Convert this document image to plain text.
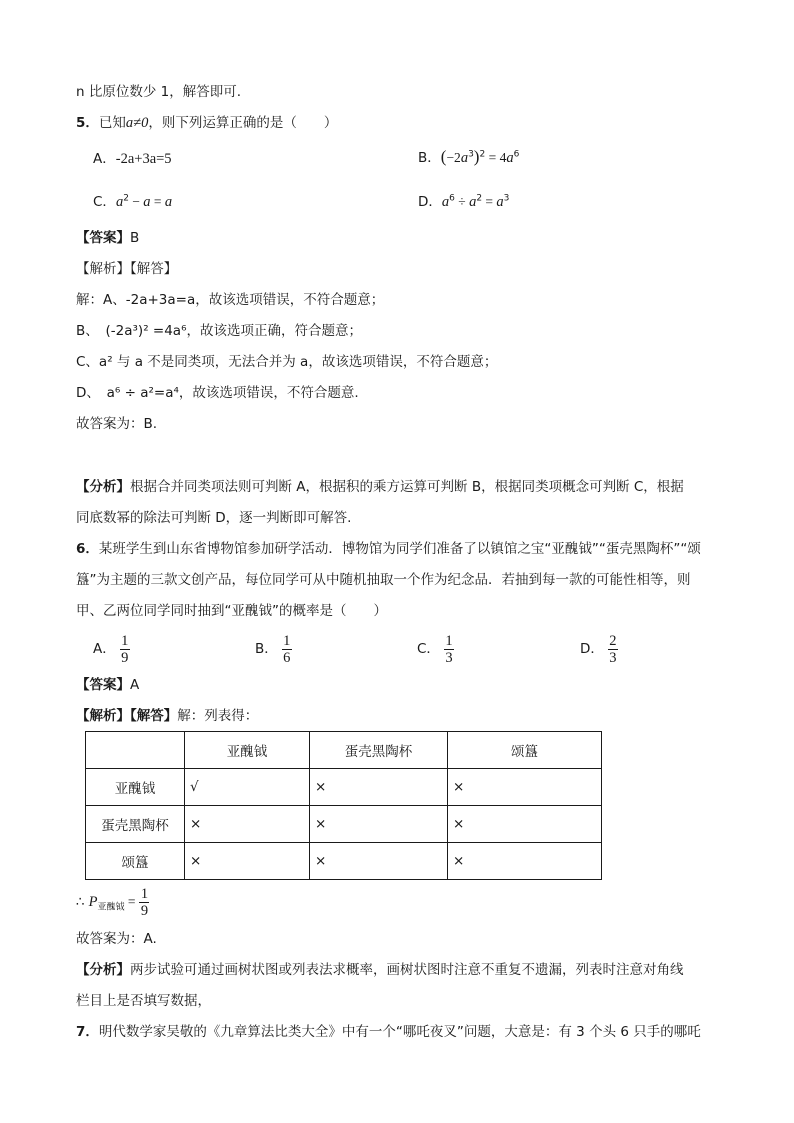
n 比原位数少 1，解答即可.
5．已知a≠0，则下列运算正确的是（　　）
A．-2a+3a=5	B．$(-2a^3)^2 = 4a^6$
C．$a^2 - a = a$	D．$a^6 \div a^2 = a^3$
【答案】B
【解析】【解答】
解：A、-2a+3a=a，故该选项错误，不符合题意；
B、　(-2a³)² =4a⁶，故该选项正确，符合题意；
C、a² 与 a 不是同类项，无法合并为 a，故该选项错误，不符合题意；
D、　a⁶ ÷ a²=a⁴，故该选项错误，不符合题意.
故答案为：B.
【分析】根据合并同类项法则可判断 A，根据积的乘方运算可判断 B，根据同类项概念可判断 C，根据
同底数幂的除法可判断 D，逐一判断即可解答.
6．某班学生到山东省博物馆参加研学活动．博物馆为同学们准备了以镇馆之宝“亚醜钺”“蛋壳黑陶杯”“颂
簋”为主题的三款文创产品，每位同学可从中随机抽取一个作为纪念品．若抽到每一款的可能性相等，则
甲、乙两位同学同时抽到“亚醜钺”的概率是（　　）
A． $\frac{1}{9}$	B． $\frac{1}{6}$	C． $\frac{1}{3}$	D． $\frac{2}{3}$
【答案】A
【解析】【解答】解：列表得：
	亚醜钺	蛋壳黑陶杯	颂簋
亚醜钺	√	×	×
蛋壳黑陶杯	×	×	×
颂簋	×	×	×
∴ $P_{亚醜钺} = \frac{1}{9}$
故答案为：A.
【分析】两步试验可通过画树状图或列表法求概率，画树状图时注意不重复不遗漏，列表时注意对角线
栏目上是否填写数据，
7．明代数学家吴敬的《九章算法比类大全》中有一个“哪吒夜叉”问题，大意是：有 3 个头 6 只手的哪吒
